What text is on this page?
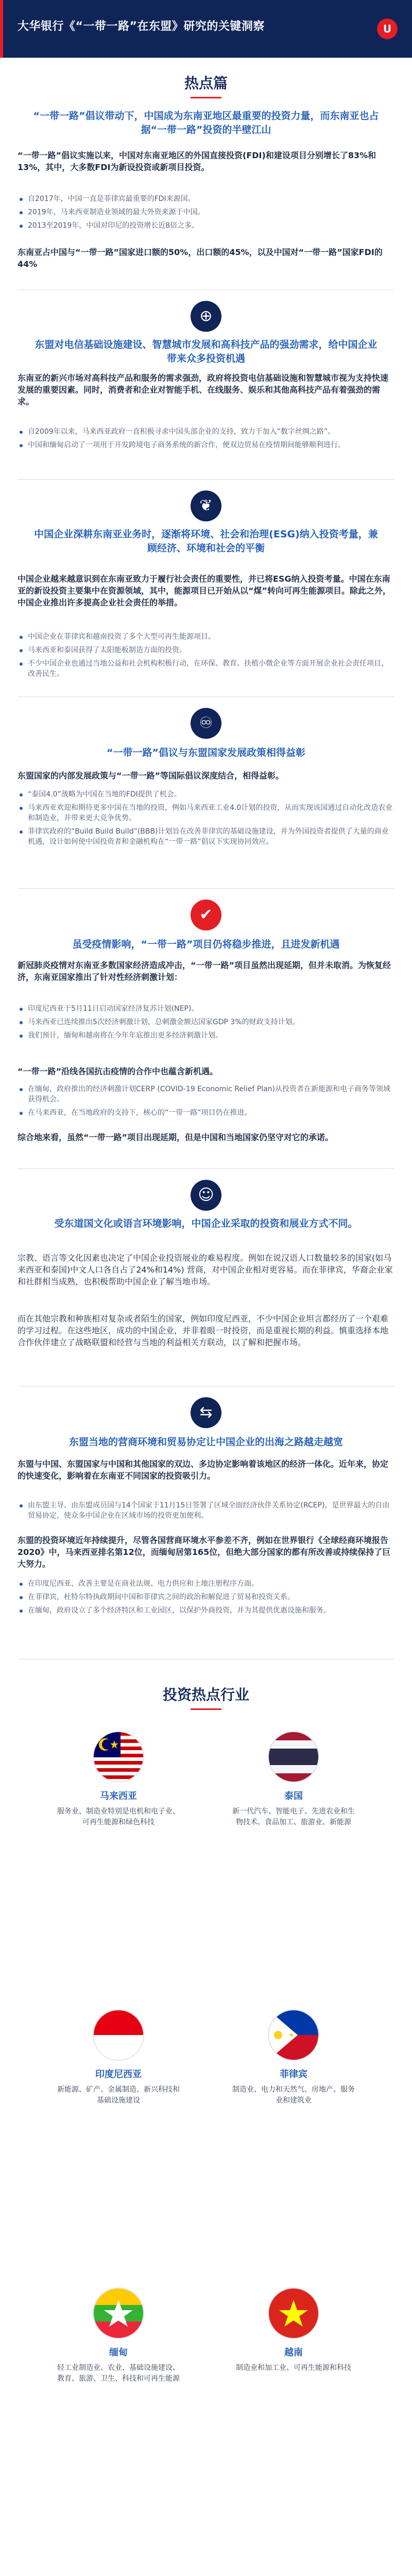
大华银行《“一带一路”在东盟》研究的关键洞察	U
热点篇
“一带一路”倡议带动下，中国成为东南亚地区最重要的投资力量，而东南亚也占据“一带一路”投资的半壁江山
“一带一路”倡议实施以来，中国对东南亚地区的外国直接投资(FDI)和建设项目分别增长了83%和13%，其中，大多数FDI为新设投资或新项目投资。
自2017年，中国一直是菲律宾最重要的FDI来源国。
2019年，马来西亚制造业领域的最大外资来源于中国。
2013至2019年，中国对印尼的投资增长近8倍之多。
东南亚占中国与“一带一路”国家进口额的50%，出口额的45%，以及中国对“一带一路”国家FDI的44%
⊕
东盟对电信基础设施建设、智慧城市发展和高科技产品的强劲需求，给中国企业带来众多投资机遇
东南亚的新兴市场对高科技产品和服务的需求强劲，政府将投资电信基础设施和智慧城市视为支持快速发展的重要因素。同时，消费者和企业对智能手机、在线服务、娱乐和其他高科技产品有着强劲的需求。
自2009年以来，马来西亚政府一直积极寻求中国头部企业的支持，致力于加入“数字丝绸之路”。
中国和缅甸启动了一项用于开发跨境电子商务系统的新合作，便双边贸易在疫情期间能够顺利进行。
❦
中国企业深耕东南亚业务时，逐渐将环境、社会和治理(ESG)纳入投资考量，兼顾经济、环境和社会的平衡
中国企业越来越意识到在东南亚致力于履行社会责任的重要性，并已将ESG纳入投资考量。中国在东南亚的新设投资主要集中在资源领域，其中，能源项目已开始从以“煤”转向可再生能源项目。除此之外，中国企业推出许多提高企业社会责任的举措。
中国企业在菲律宾和越南投资了多个大型可再生能源项目。
马来西亚和泰国获得了太阳能板制造方面的投资。
不少中国企业也通过当地公益和社会机构积极行动，在环保、教育、扶植小微企业等方面开展企业社会责任项目，改善民生。
♾
“一带一路”倡议与东盟国家发展政策相得益彰
东盟国家的内部发展政策与“一带一路”等国际倡议深度结合，相得益彰。
“泰国4.0”战略为中国在当地的FDI提供了机会。
马来西亚欢迎和期待更多中国在当地的投资，例如马来西亚工业4.0计划的投资，从而实现该国通过自动化改造农业和制造业，并带来更大竞争优势。
菲律宾政府的“Build Build Build”(BBB)计划旨在改善菲律宾的基础设施建设，并为外国投资者提供了大量的商业机遇，设计如何使中国投资者和金融机构在“一带一路”倡议下实现协同效应。
✔
虽受疫情影响，“一带一路”项目仍将稳步推进，且进发新机遇
新冠肺炎疫情对东南亚多数国家经济造成冲击，“一带一路”项目虽然出现延期，但并未取消。为恢复经济，东南亚国家推出了针对性经济刺激计划：
印度尼西亚于5月11日启动国家经济复苏计划(NEP)。
马来西亚已连续推出5次经济刺激计划，总刺激金额达国家GDP 3%的财政支持计划。
我们预计，缅甸和越南将在今年年底推出更多经济刺激计划。
“一带一路”沿线各国抗击疫情的合作中也蕴含新机遇。
在缅甸，政府推出的经济刺激计划CERP (COVID-19 Economic Relief Plan)从投资者在新能源和电子商务等领域获得机会。
在马来西亚，在当地政府的支持下，核心的“一带一路”项目仍在推进。
综合地来看，虽然“一带一路”项目出现延期，但是中国和当地国家仍坚守对它的承诺。
☺
受东道国文化或语言环境影响，中国企业采取的投资和展业方式不同。
宗教、语言等文化因素也决定了中国企业投资展业的难易程度。例如在说汉语人口数量较多的国家(如马来西亚和泰国)中文人口各自占了24%和14%) 营商，对中国企业相对更容易。而在菲律宾，华裔企业家和社群相当成熟，也积极帮助中国企业了解当地市场。
而在其他宗教和种族相对复杂或者陌生的国家，例如印度尼西亚，不少中国企业坦言都经历了一个艰难的学习过程。在这些地区，成功的中国企业，并非着眼一时投资，而是重视长期的利益。慎重选择本地合作伙伴建立了战略联盟和经营与当地的利益相关方联动，以了解和把握市场。
⇆
东盟当地的营商环境和贸易协定让中国企业的出海之路越走越宽
东盟与中国、东盟国家与中国和其他国家的双边、多边协定影响着该地区的经济一体化。近年来，协定的快速变化，影响着在东南亚不同国家的投资吸引力。
由东盟主导、由东盟成员国与14个国家于11月15日签署了区域全面经济伙伴关系协定(RCEP)，是世界最大的自由贸易协定，使众多中国企业在区域市场的投资更加便利。
东盟的投资环境近年持续提升，尽管各国营商环境水平参差不齐，例如在世界银行《全球经商环境报告2020》中，马来西亚排名第12位，而缅甸居第165位，但绝大部分国家的都有所改善或持续保持了巨大努力。
在印度尼西亚，改善主要是在商业法规、电力供应和土地注册程序方面。
在菲律宾，杜特尔特执政期间中国和菲律宾之间的政治和解促进了贸易和投资关系。
在缅甸，政府设立了多个经济特区和工业园区，以保护外商投资，并为其提供优惠设施和服务。
投资热点行业
马来西亚
服务业、制造业特别是电机和电子业、可再生能源和绿色科技
泰国
新一代汽车、智能电子、先进农业和生物技术、食品加工、旅游业、新能源
印度尼西亚
新能源、矿产、金属制造、新兴科技和基础设施建设
菲律宾
制造业、电力和天然气、房地产、服务业和建筑业
缅甸
轻工业制造业、农业、基础设施建设、教育、旅游、卫生、科技和可再生能源
越南
制造业和加工业、可再生能源和科技
